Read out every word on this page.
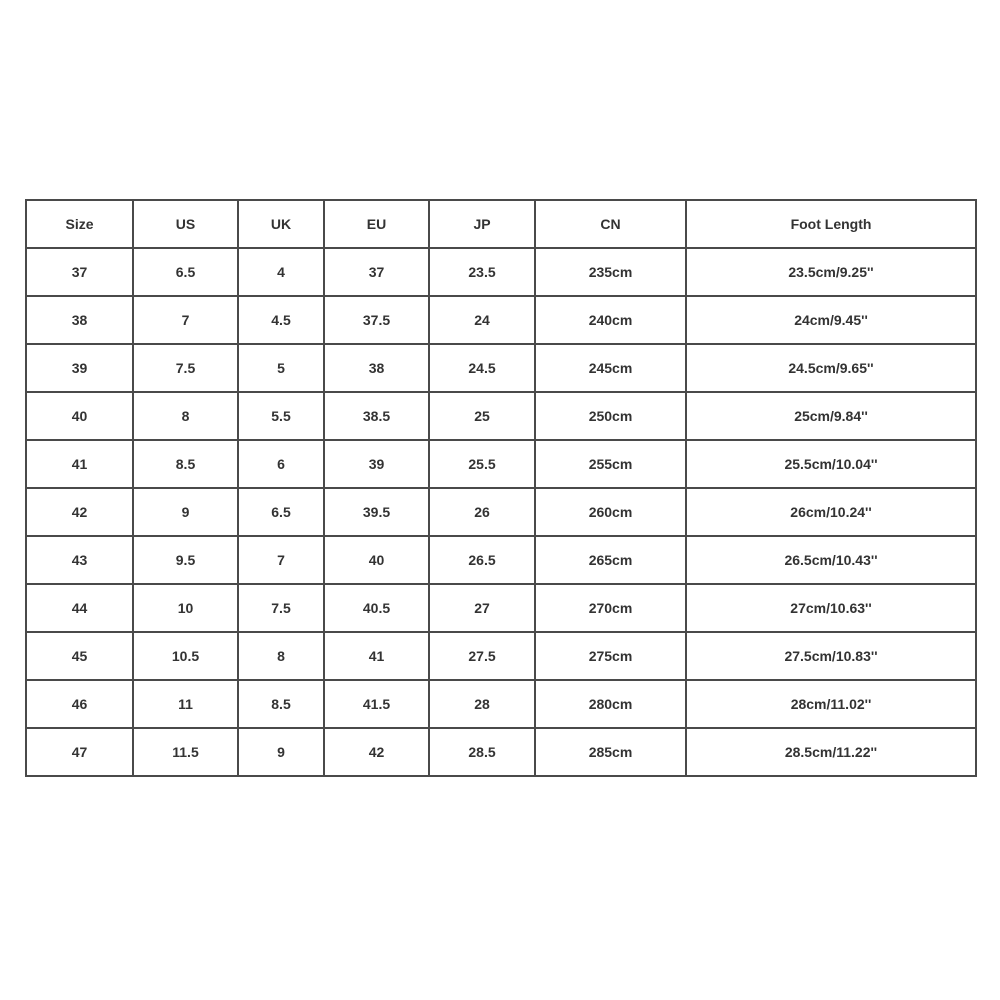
Size	US	UK	EU	JP	CN	Foot Length
37	6.5	4	37	23.5	235cm	23.5cm/9.25''
38	7	4.5	37.5	24	240cm	24cm/9.45''
39	7.5	5	38	24.5	245cm	24.5cm/9.65''
40	8	5.5	38.5	25	250cm	25cm/9.84''
41	8.5	6	39	25.5	255cm	25.5cm/10.04''
42	9	6.5	39.5	26	260cm	26cm/10.24''
43	9.5	7	40	26.5	265cm	26.5cm/10.43''
44	10	7.5	40.5	27	270cm	27cm/10.63''
45	10.5	8	41	27.5	275cm	27.5cm/10.83''
46	11	8.5	41.5	28	280cm	28cm/11.02''
47	11.5	9	42	28.5	285cm	28.5cm/11.22''
